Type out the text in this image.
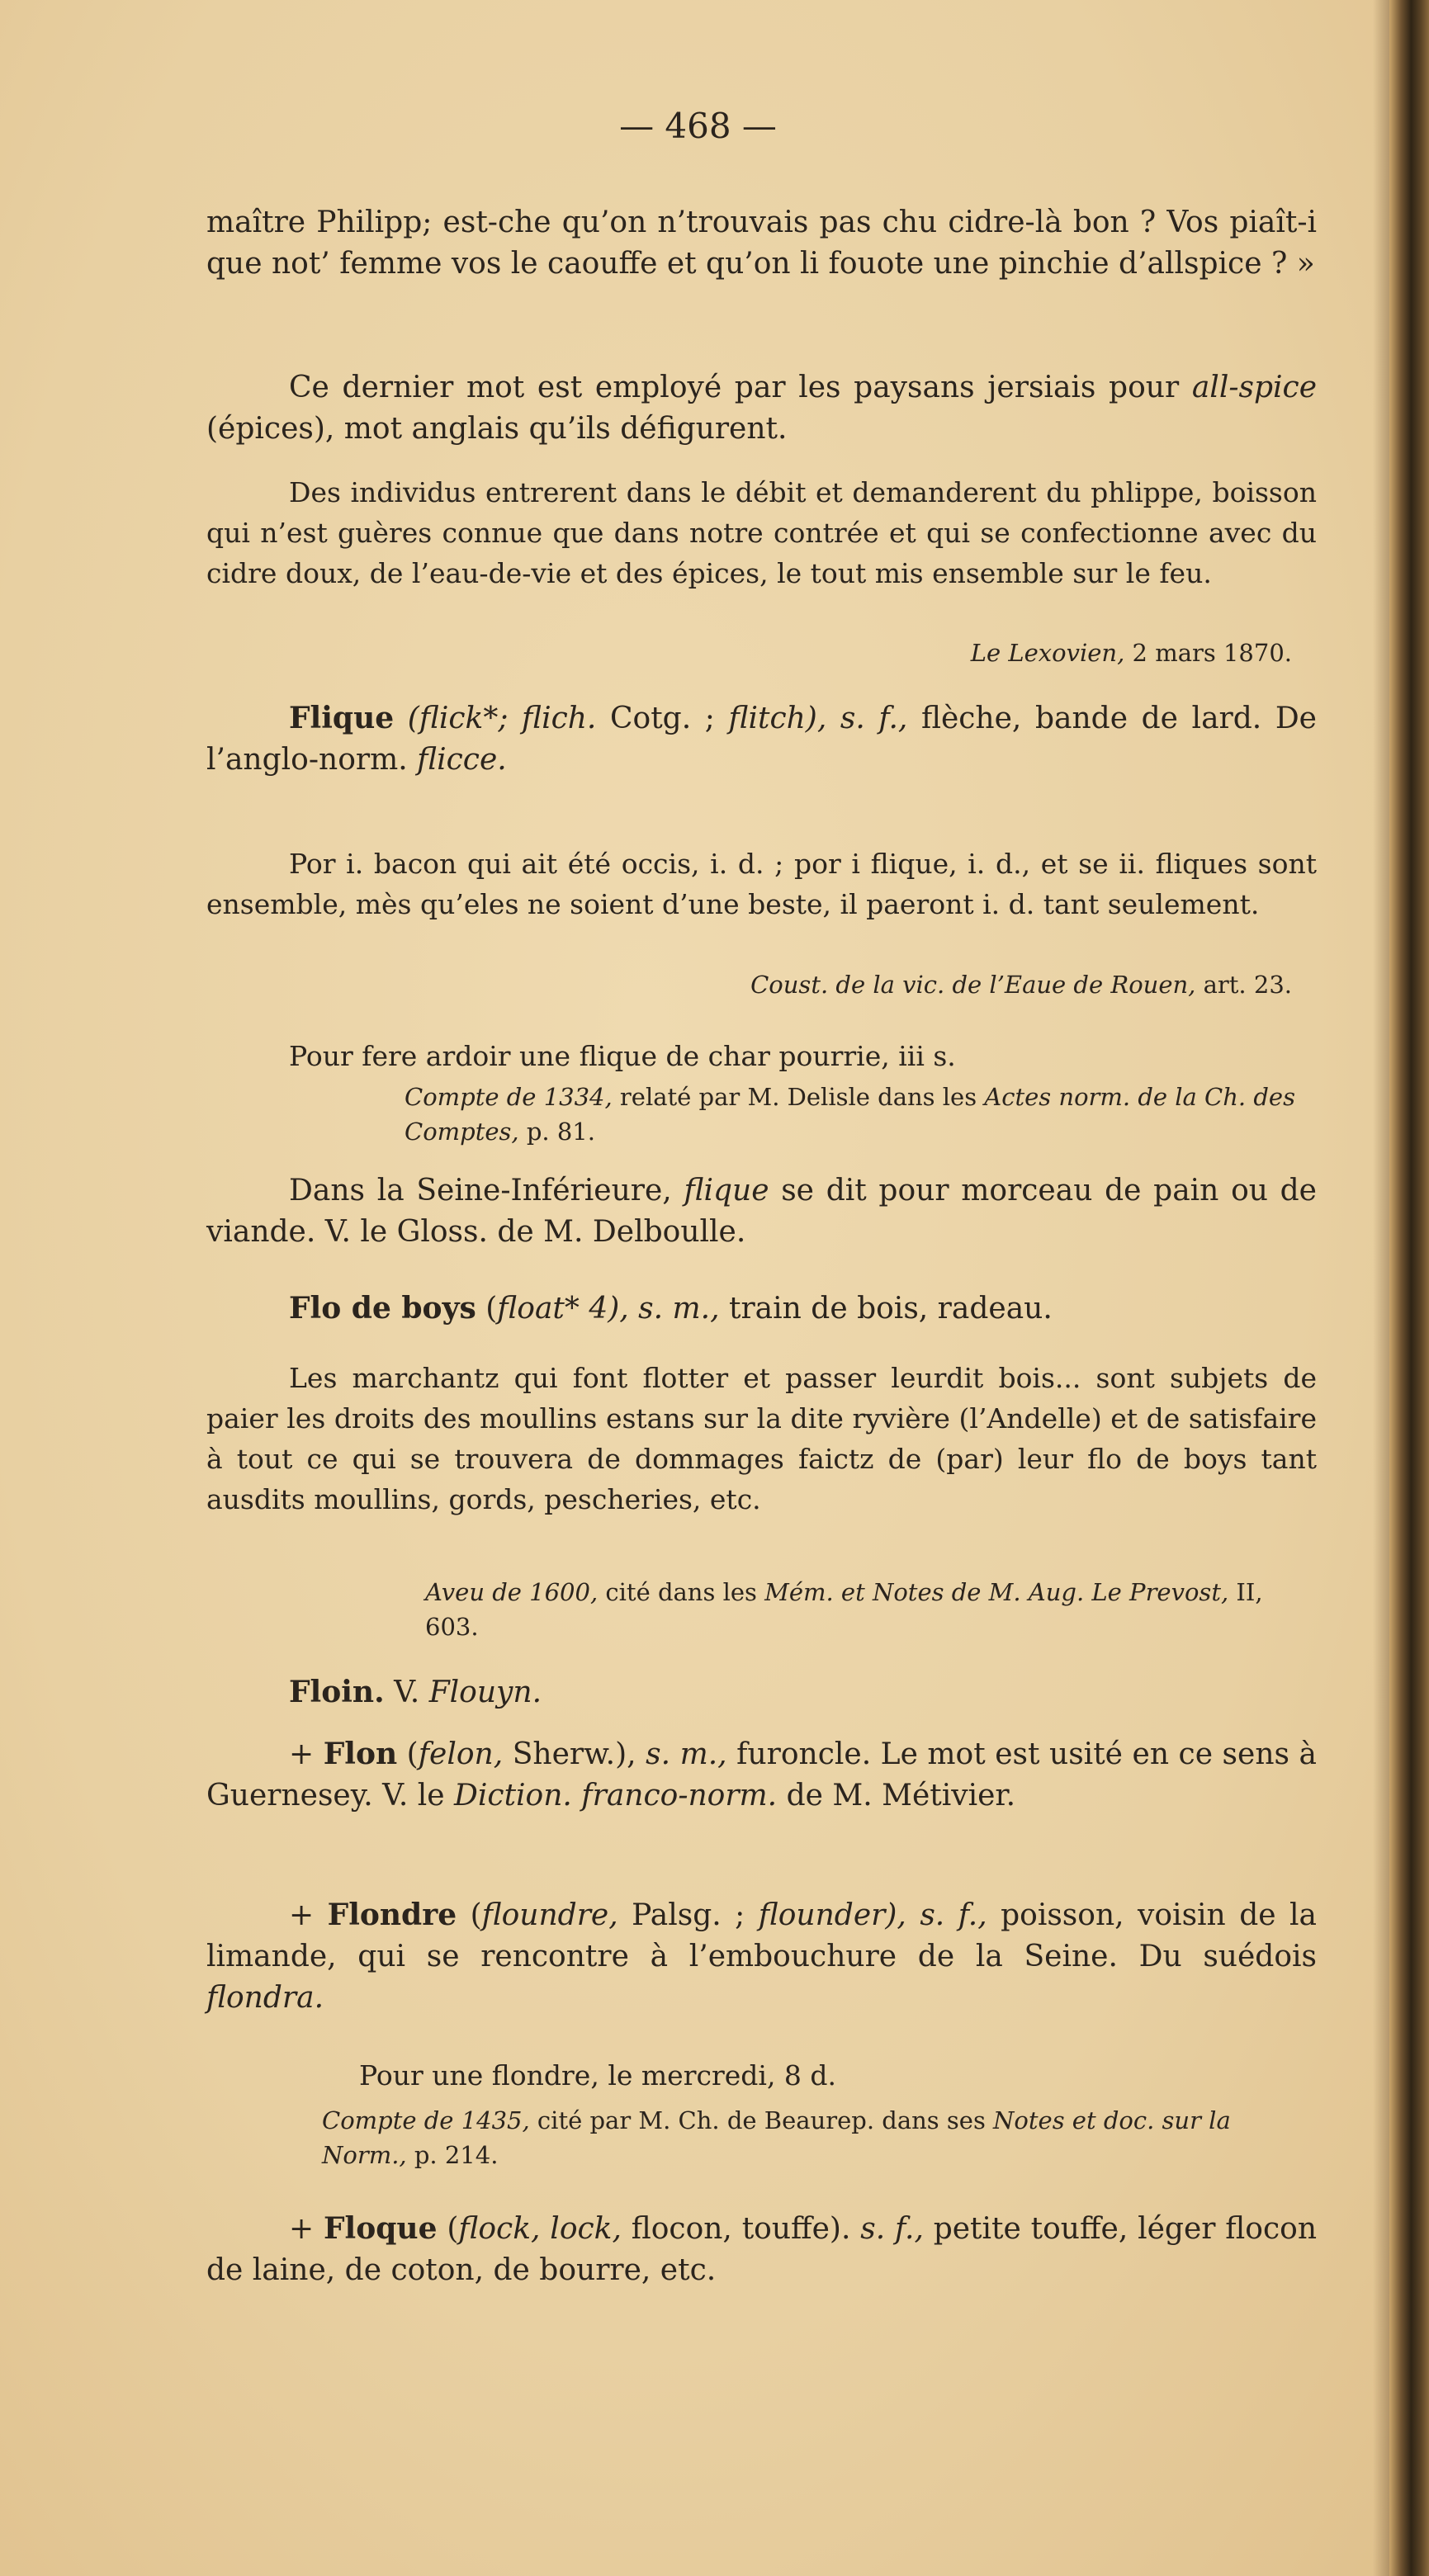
— 468 —
maître Philipp; est-che qu’on n’trouvais pas chu cidre-là bon ? Vos piaît-i que not’ femme vos le caouffe et qu’on li fouote une pinchie d’allspice ? »
Ce dernier mot est employé par les paysans jersiais pour all-spice (épices), mot anglais qu’ils défigurent.
Des individus entrerent dans le débit et demanderent du phlippe, boisson qui n’est guères connue que dans notre contrée et qui se confectionne avec du cidre doux, de l’eau-de-vie et des épices, le tout mis ensemble sur le feu.
Le Lexovien, 2 mars 1870.
Flique (flick*; flich. Cotg. ; flitch), s. f., flèche, bande de lard. De l’anglo-norm. flicce.
Por i. bacon qui ait été occis, i. d. ; por i flique, i. d., et se ii. fliques sont ensemble, mès qu’eles ne soient d’une beste, il paeront i. d. tant seulement.
Coust. de la vic. de l’Eaue de Rouen, art. 23.
Pour fere ardoir une flique de char pourrie, iii s.
Compte de 1334, relaté par M. Delisle dans les Actes norm. de la Ch. des Comptes, p. 81.
Dans la Seine-Inférieure, flique se dit pour morceau de pain ou de viande. V. le Gloss. de M. Delboulle.
Flo de boys (float* 4), s. m., train de bois, radeau.
Les marchantz qui font flotter et passer leurdit bois... sont subjets de paier les droits des moullins estans sur la dite ryvière (l’Andelle) et de satisfaire à tout ce qui se trouvera de dommages faictz de (par) leur flo de boys tant ausdits moullins, gords, pescheries, etc.
Aveu de 1600, cité dans les Mém. et Notes de M. Aug. Le Prevost, II, 603.
Floin. V. Flouyn.
+ Flon (felon, Sherw.), s. m., furoncle. Le mot est usité en ce sens à Guernesey. V. le Diction. franco-norm. de M. Métivier.
+ Flondre (floundre, Palsg. ; flounder), s. f., poisson, voisin de la limande, qui se rencontre à l’embouchure de la Seine. Du suédois flondra.
Pour une flondre, le mercredi, 8 d.
Compte de 1435, cité par M. Ch. de Beaurep. dans ses Notes et doc. sur la Norm., p. 214.
+ Floque (flock, lock, flocon, touffe). s. f., petite touffe, léger flocon de laine, de coton, de bourre, etc.
